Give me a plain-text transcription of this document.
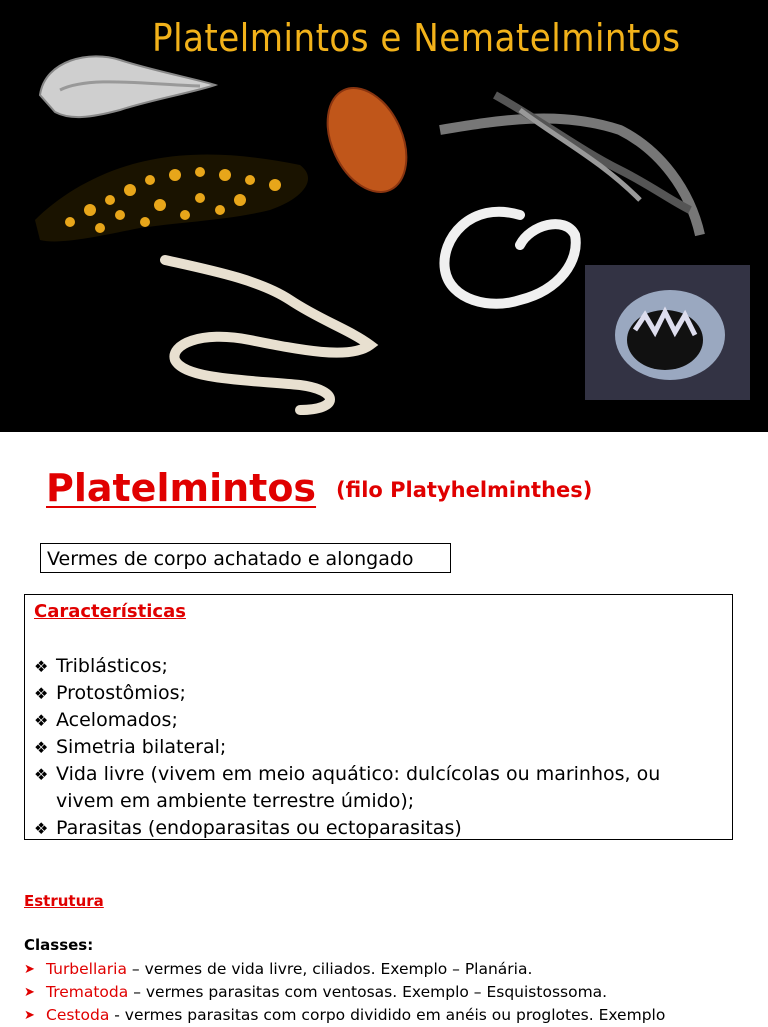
Platelmintos e Nematelmintos
Platelmintos (filo Platyhelminthes)
Vermes de corpo achatado e alongado
Características
❖ Triblásticos;
❖ Protostômios;
❖ Acelomados;
❖ Simetria bilateral;
❖ Vida livre (vivem em meio aquático: dulcícolas ou marinhos, ou vivem em ambiente terrestre úmido);
❖ Parasitas (endoparasitas ou ectoparasitas)
Estrutura
Classes:
➤ Turbellaria – vermes de vida livre, ciliados. Exemplo – Planária.
➤ Trematoda – vermes parasitas com ventosas. Exemplo – Esquistossoma.
➤ Cestoda - vermes parasitas com corpo dividido em anéis ou proglotes. Exemplo
